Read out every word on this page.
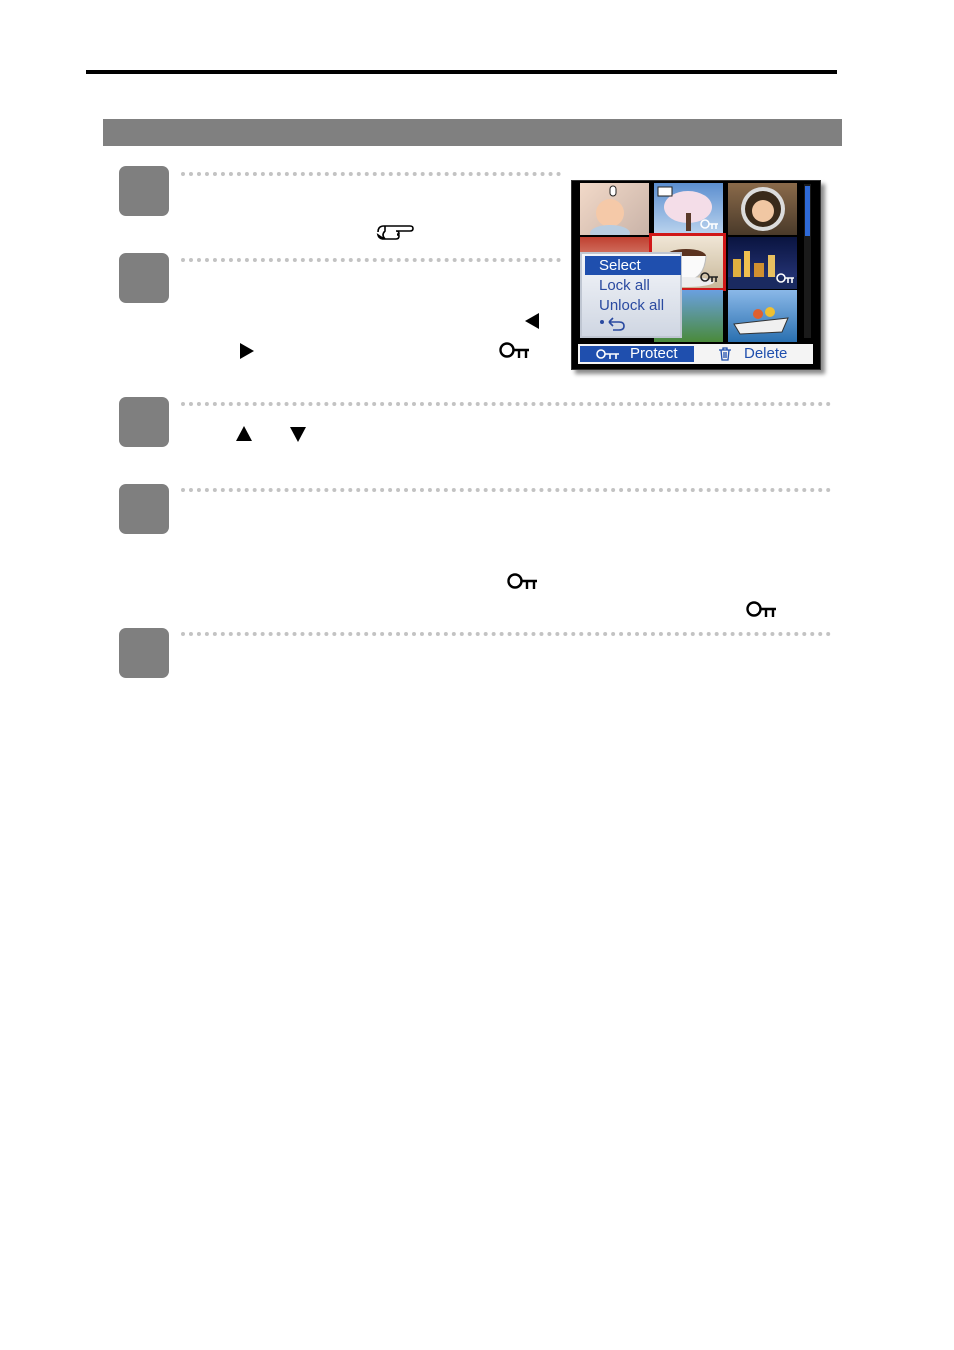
Select
Lock all
Unlock all
Protect	Delete
